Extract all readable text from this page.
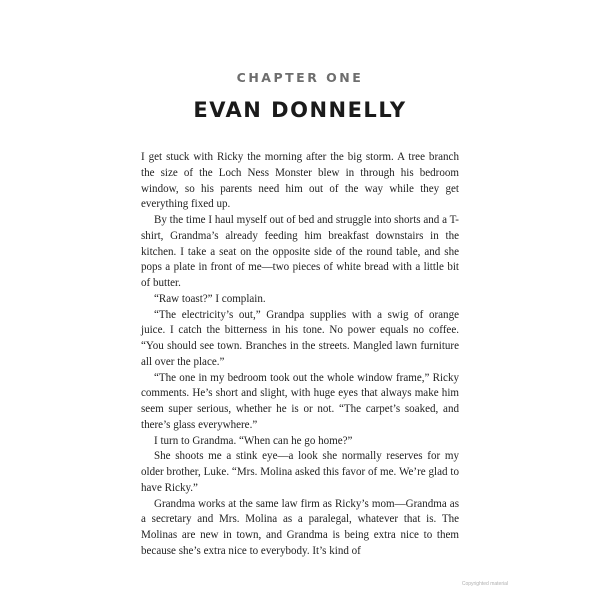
CHAPTER ONE
EVAN DONNELLY

I get stuck with Ricky the morning after the big storm. A tree branch the size of the Loch Ness Monster blew in through his bedroom window, so his parents need him out of the way while they get everything fixed up.

By the time I haul myself out of bed and struggle into shorts and a T-shirt, Grandma’s already feeding him breakfast downstairs in the kitchen. I take a seat on the opposite side of the round table, and she pops a plate in front of me—two pieces of white bread with a little bit of butter.

“Raw toast?” I complain.

“The electricity’s out,” Grandpa supplies with a swig of orange juice. I catch the bitterness in his tone. No power equals no coffee. “You should see town. Branches in the streets. Mangled lawn furniture all over the place.”

“The one in my bedroom took out the whole window frame,” Ricky comments. He’s short and slight, with huge eyes that always make him seem super serious, whether he is or not. “The carpet’s soaked, and there’s glass everywhere.”

I turn to Grandma. “When can he go home?”

She shoots me a stink eye—a look she normally reserves for my older brother, Luke. “Mrs. Molina asked this favor of me. We’re glad to have Ricky.”

Grandma works at the same law firm as Ricky’s mom—Grandma as a secretary and Mrs. Molina as a paralegal, whatever that is. The Molinas are new in town, and Grandma is being extra nice to them because she’s extra nice to everybody. It’s kind of

Copyrighted material
